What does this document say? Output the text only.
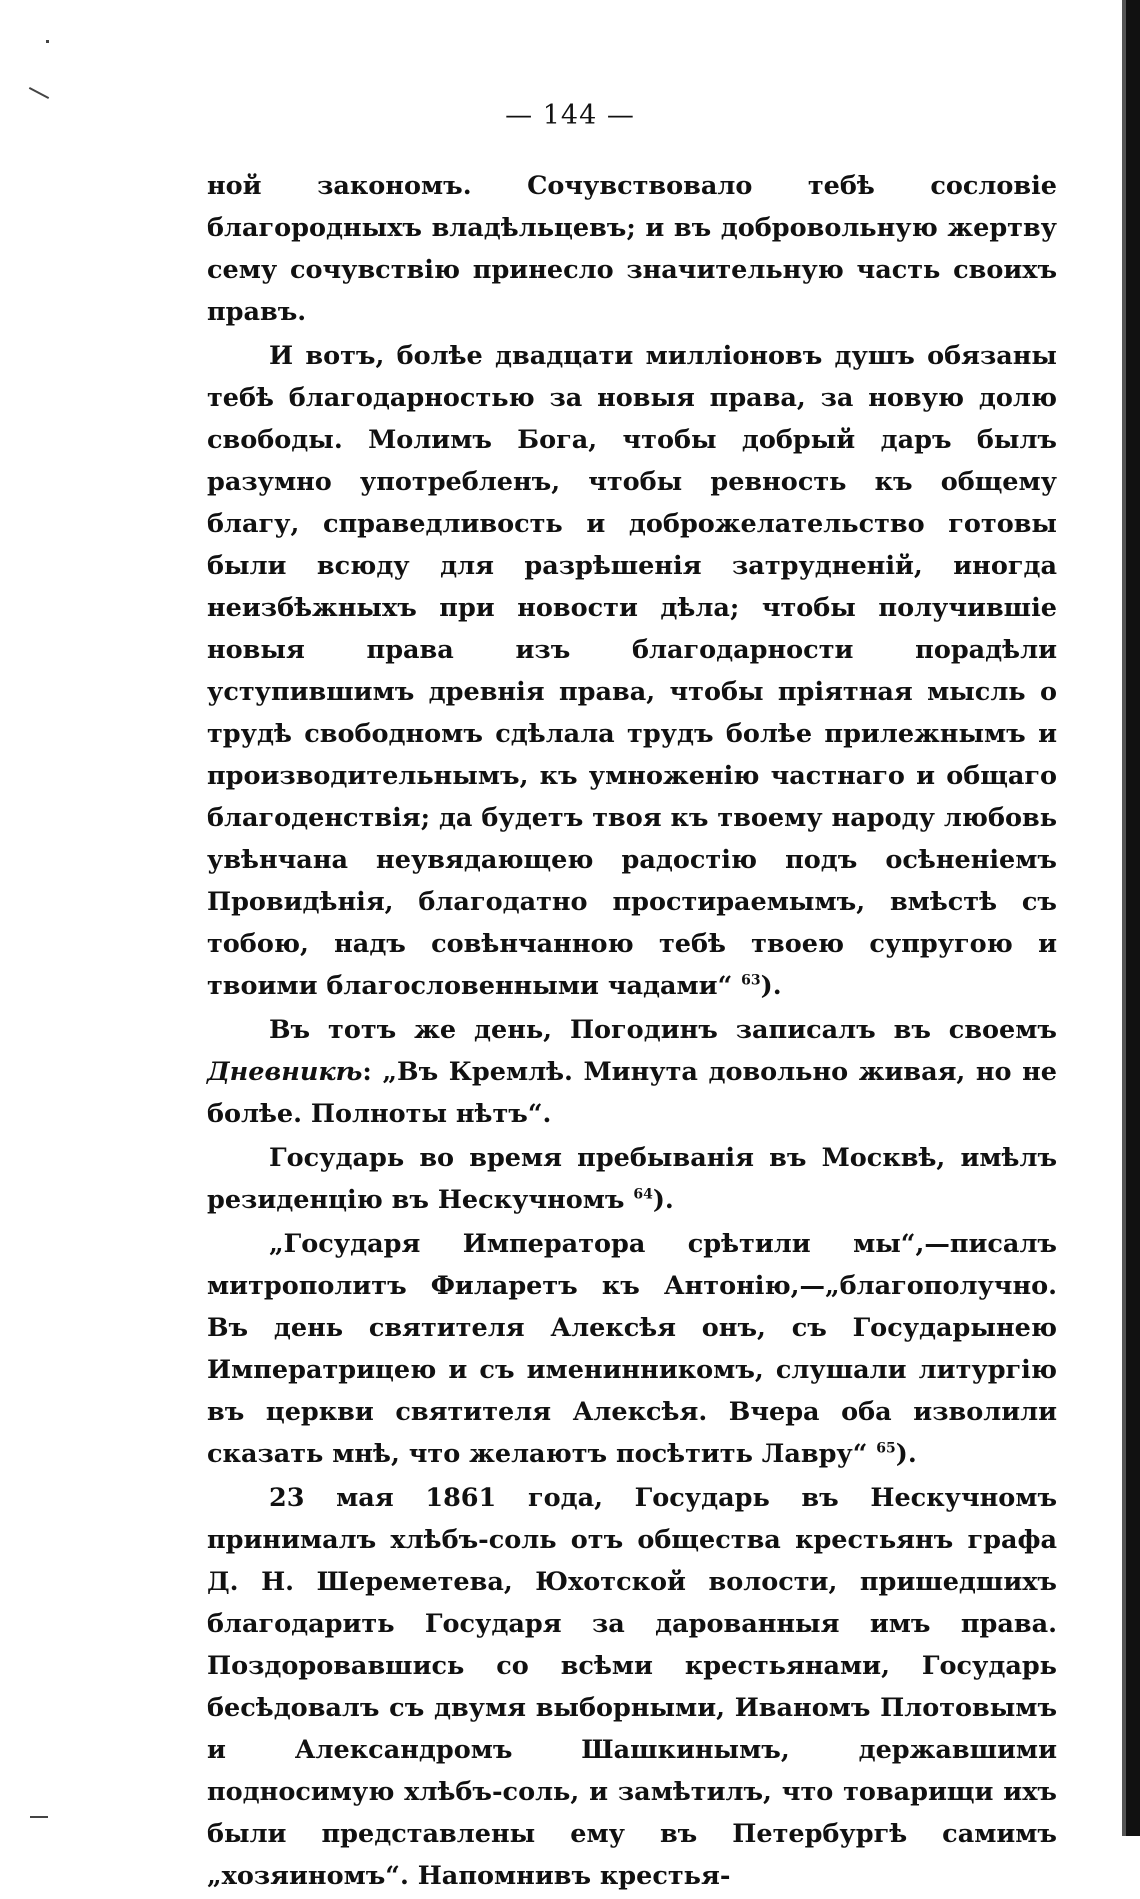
— 144 —

ной закономъ. Сочувствовало тебѣ сословіе благородныхъ владѣльцевъ; и въ добровольную жертву сему сочувствію принесло значительную часть своихъ правъ.

И вотъ, болѣе двадцати милліоновъ душъ обязаны тебѣ благодарностью за новыя права, за новую долю свободы. Молимъ Бога, чтобы добрый даръ былъ разумно употребленъ, чтобы ревность къ общему благу, справедливость и доброжелательство готовы были всюду для разрѣшенія затрудненій, иногда неизбѣжныхъ при новости дѣла; чтобы получившіе новыя права изъ благодарности порадѣли уступившимъ древнія права, чтобы пріятная мысль о трудѣ свободномъ сдѣлала трудъ болѣе прилежнымъ и производительнымъ, къ умноженію частнаго и общаго благоденствія; да будетъ твоя къ твоему народу любовь увѣнчана неувядающею радостію подъ осѣненіемъ Провидѣнія, благодатно простираемымъ, вмѣстѣ съ тобою, надъ совѣнчанною тебѣ твоею супругою и твоими благословенными чадами“ $^{63}$).

Въ тотъ же день, Погодинъ записалъ въ своемъ Дневникѣ: „Въ Кремлѣ. Минута довольно живая, но не болѣе. Полноты нѣтъ“.

Государь во время пребыванія въ Москвѣ, имѣлъ резиденцію въ Нескучномъ $^{64}$).

„Государя Императора срѣтили мы“,—писалъ митрополитъ Филаретъ къ Антонію,—„благополучно. Въ день святителя Алексѣя онъ, съ Государынею Императрицею и съ именинникомъ, слушали литургію въ церкви святителя Алексѣя. Вчера оба изволили сказать мнѣ, что желаютъ посѣтить Лавру“ $^{65}$).

23 мая 1861 года, Государь въ Нескучномъ принималъ хлѣбъ-соль отъ общества крестьянъ графа Д. Н. Шереметева, Юхотской волости, пришедшихъ благодарить Государя за дарованныя имъ права. Поздоровавшись со всѣми крестьянами, Государь бесѣдовалъ съ двумя выборными, Иваномъ Плотовымъ и Александромъ Шашкинымъ, державшими подносимую хлѣбъ-соль, и замѣтилъ, что товарищи ихъ были представлены ему въ Петербургѣ самимъ „хозяиномъ“. Напомнивъ крестья-
